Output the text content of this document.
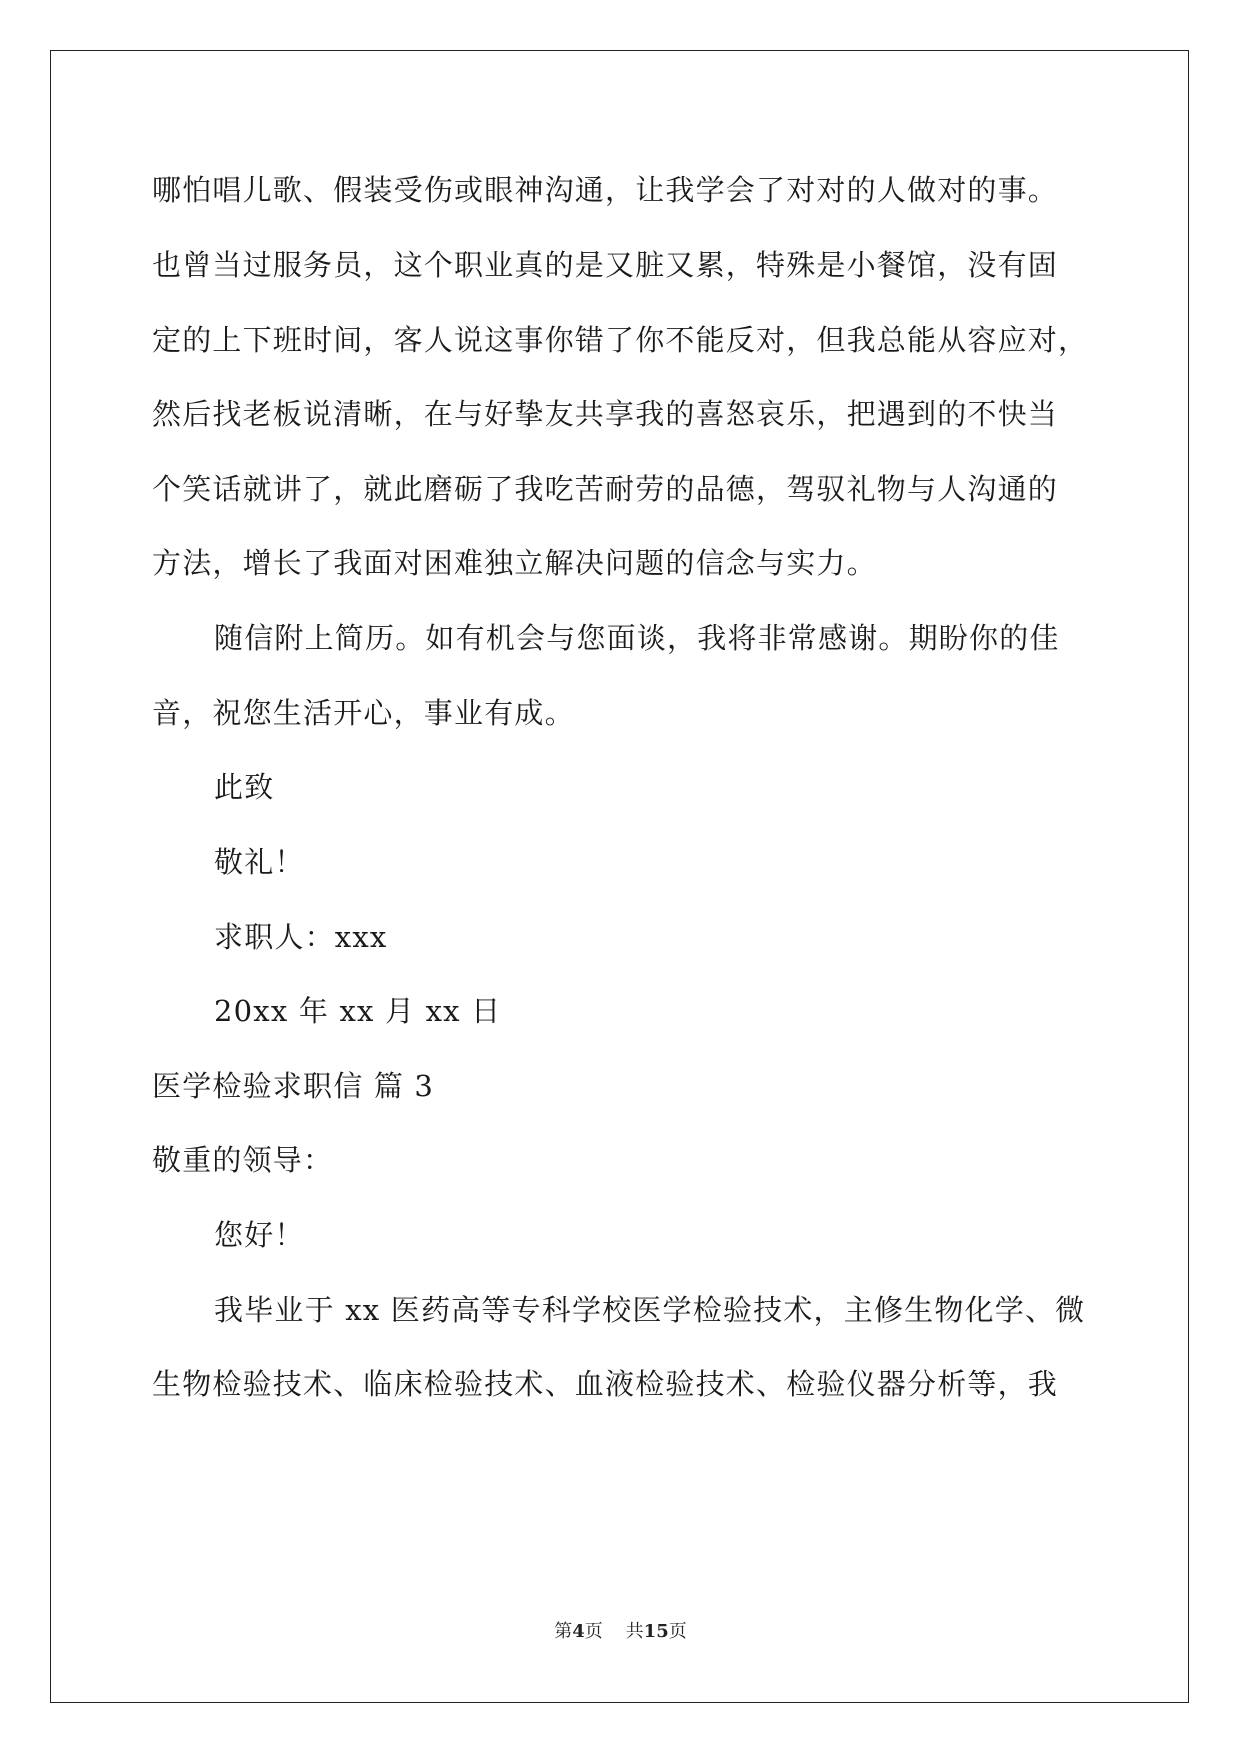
哪怕唱儿歌、假装受伤或眼神沟通，让我学会了对对的人做对的事。
也曾当过服务员，这个职业真的是又脏又累，特殊是小餐馆，没有固
定的上下班时间，客人说这事你错了你不能反对，但我总能从容应对，
然后找老板说清晰，在与好挚友共享我的喜怒哀乐，把遇到的不快当
个笑话就讲了，就此磨砺了我吃苦耐劳的品德，驾驭礼物与人沟通的
方法，增长了我面对困难独立解决问题的信念与实力。
随信附上简历。如有机会与您面谈，我将非常感谢。期盼你的佳
音，祝您生活开心，事业有成。
此致
敬礼！
求职人：xxx
20xx 年 xx 月 xx 日
医学检验求职信 篇 3
敬重的领导：
您好！
我毕业于 xx 医药高等专科学校医学检验技术，主修生物化学、微
生物检验技术、临床检验技术、血液检验技术、检验仪器分析等，我
第4页    共15页
